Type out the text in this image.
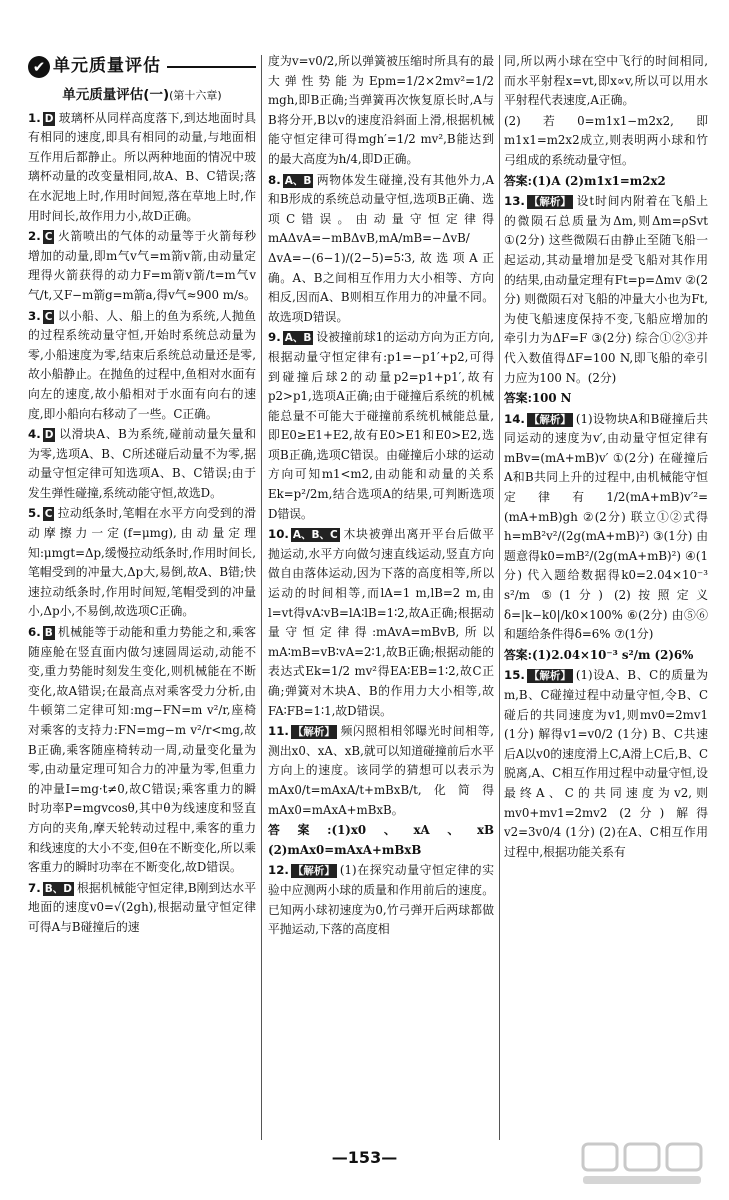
✔ 单元质量评估
单元质量评估(一)(第十六章)

1. D 玻璃杯从同样高度落下,到达地面时具有相同的速度,即具有相同的动量,与地面相互作用后都静止。所以两种地面的情况中玻璃杯动量的改变量相同,故A、B、C错误;落在水泥地上时,作用时间短,落在草地上时,作用时间长,故作用力小,故D正确。

2. C 火箭喷出的气体的动量等于火箭每秒增加的动量,即m气v气=m箭v箭,由动量定理得火箭获得的动力F=m箭v箭/t=m气v气/t,又F−m箭g=m箭a,得v气≈900 m/s。

3. C 以小船、人、船上的鱼为系统,人抛鱼的过程系统动量守恒,开始时系统总动量为零,小船速度为零,结束后系统总动量还是零,故小船静止。在抛鱼的过程中,鱼相对水面有向左的速度,故小船相对于水面有向右的速度,即小船向右移动了一些。C正确。

4. D 以滑块A、B为系统,碰前动量矢量和为零,选项A、B、C所述碰后动量不为零,据动量守恒定律可知选项A、B、C错误;由于发生弹性碰撞,系统动能守恒,故选D。

5. C 拉动纸条时,笔帽在水平方向受到的滑动摩擦力一定(f=μmg),由动量定理知:μmgt=Δp,缓慢拉动纸条时,作用时间长,笔帽受到的冲量大,Δp大,易倒,故A、B错;快速拉动纸条时,作用时间短,笔帽受到的冲量小,Δp小,不易倒,故选项C正确。

6. B 机械能等于动能和重力势能之和,乘客随座舱在竖直面内做匀速圆周运动,动能不变,重力势能时刻发生变化,则机械能在不断变化,故A错误;在最高点对乘客受力分析,由牛顿第二定律可知:mg−FN=m v²/r,座椅对乘客的支持力:FN=mg−m v²/r<mg,故B正确,乘客随座椅转动一周,动量变化量为零,由动量定理可知合力的冲量为零,但重力的冲量I=mg·t≠0,故C错误;乘客重力的瞬时功率P=mgvcosθ,其中θ为线速度和竖直方向的夹角,摩天轮转动过程中,乘客的重力和线速度的大小不变,但θ在不断变化,所以乘客重力的瞬时功率在不断变化,故D错误。

7. B、D 根据机械能守恒定律,B刚到达水平地面的速度v0=√(2gh),根据动量守恒定律可得A与B碰撞后的速

度为v=v0/2,所以弹簧被压缩时所具有的最大弹性势能为Epm=1/2×2mv²=1/2 mgh,即B正确;当弹簧再次恢复原长时,A与B将分开,B以v的速度沿斜面上滑,根据机械能守恒定律可得mgh′=1/2 mv²,B能达到的最大高度为h/4,即D正确。

8. A、B 两物体发生碰撞,没有其他外力,A和B形成的系统总动量守恒,选项B正确、选项C错误。由动量守恒定律得mAΔvA=−mBΔvB,mA/mB=−ΔvB/ΔvA=−(6−1)/(2−5)=5∶3,故选项A正确。A、B之间相互作用力大小相等、方向相反,因而A、B则相互作用力的冲量不同。故选项D错误。

9. A、B 设被撞前球1的运动方向为正方向,根据动量守恒定律有:p1=−p1′+p2,可得到碰撞后球2的动量p2=p1+p1′,故有p2>p1,选项A正确;由于碰撞后系统的机械能总量不可能大于碰撞前系统机械能总量,即E0≥E1+E2,故有E0>E1和E0>E2,选项B正确,选项C错误。由碰撞后小球的运动方向可知m1<m2,由动能和动量的关系Ek=p²/2m,结合选项A的结果,可判断选项D错误。

10. A、B、C 木块被弹出离开平台后做平抛运动,水平方向做匀速直线运动,竖直方向做自由落体运动,因为下落的高度相等,所以运动的时间相等,而lA=1 m,lB=2 m,由l=vt得vA∶vB=lA∶lB=1∶2,故A正确;根据动量守恒定律得:mAvA=mBvB,所以mA∶mB=vB∶vA=2∶1,故B正确;根据动能的表达式Ek=1/2 mv²得EA∶EB=1∶2,故C正确;弹簧对木块A、B的作用力大小相等,故FA∶FB=1∶1,故D错误。

11. 【解析】 频闪照相相邻曝光时间相等,测出x0、xA、xB,就可以知道碰撞前后水平方向上的速度。该同学的猜想可以表示为mAx0/t=mAxA/t+mBxB/t,化简得mAx0=mAxA+mBxB。

答案:(1)x0、xA、xB (2)mAx0=mAxA+mBxB

12. 【解析】 (1)在探究动量守恒定律的实验中应测两小球的质量和作用前后的速度。已知两小球初速度为0,竹弓弹开后两球都做平抛运动,下落的高度相

同,所以两小球在空中飞行的时间相同,而水平射程x=vt,即x∝v,所以可以用水平射程代表速度,A正确。

(2)若0=m1x1−m2x2,即m1x1=m2x2成立,则表明两小球和竹弓组成的系统动量守恒。

答案:(1)A (2)m1x1=m2x2

13. 【解析】 设t时间内附着在飞船上的微陨石总质量为Δm,则Δm=ρSvt ①(2分) 这些微陨石由静止至随飞船一起运动,其动量增加是受飞船对其作用的结果,由动量定理有Ft=p=Δmv ②(2分) 则微陨石对飞船的冲量大小也为Ft,为使飞船速度保持不变,飞船应增加的牵引力为ΔF=F ③(2分) 综合①②③并代入数值得ΔF=100 N,即飞船的牵引力应为100 N。(2分)

答案:100 N

14. 【解析】 (1)设物块A和B碰撞后共同运动的速度为v′,由动量守恒定律有mBv=(mA+mB)v′ ①(2分) 在碰撞后A和B共同上升的过程中,由机械能守恒定律有1/2(mA+mB)v′²=(mA+mB)gh ②(2分) 联立①②式得h=mB²v²/(2g(mA+mB)²) ③(1分) 由题意得k0=mB²/(2g(mA+mB)²) ④(1分) 代入题给数据得k0=2.04×10⁻³ s²/m ⑤(1分) (2)按照定义δ=|k−k0|/k0×100% ⑥(2分) 由⑤⑥和题给条件得δ=6% ⑦(1分)

答案:(1)2.04×10⁻³ s²/m (2)6%

15. 【解析】 (1)设A、B、C的质量为m,B、C碰撞过程中动量守恒,令B、C碰后的共同速度为v1,则mv0=2mv1 (1分) 解得v1=v0/2 (1分) B、C共速后A以v0的速度滑上C,A滑上C后,B、C脱离,A、C相互作用过程中动量守恒,设最终A、C的共同速度为v2,则mv0+mv1=2mv2 (2分) 解得v2=3v0/4 (1分) (2)在A、C相互作用过程中,根据功能关系有

—153—
